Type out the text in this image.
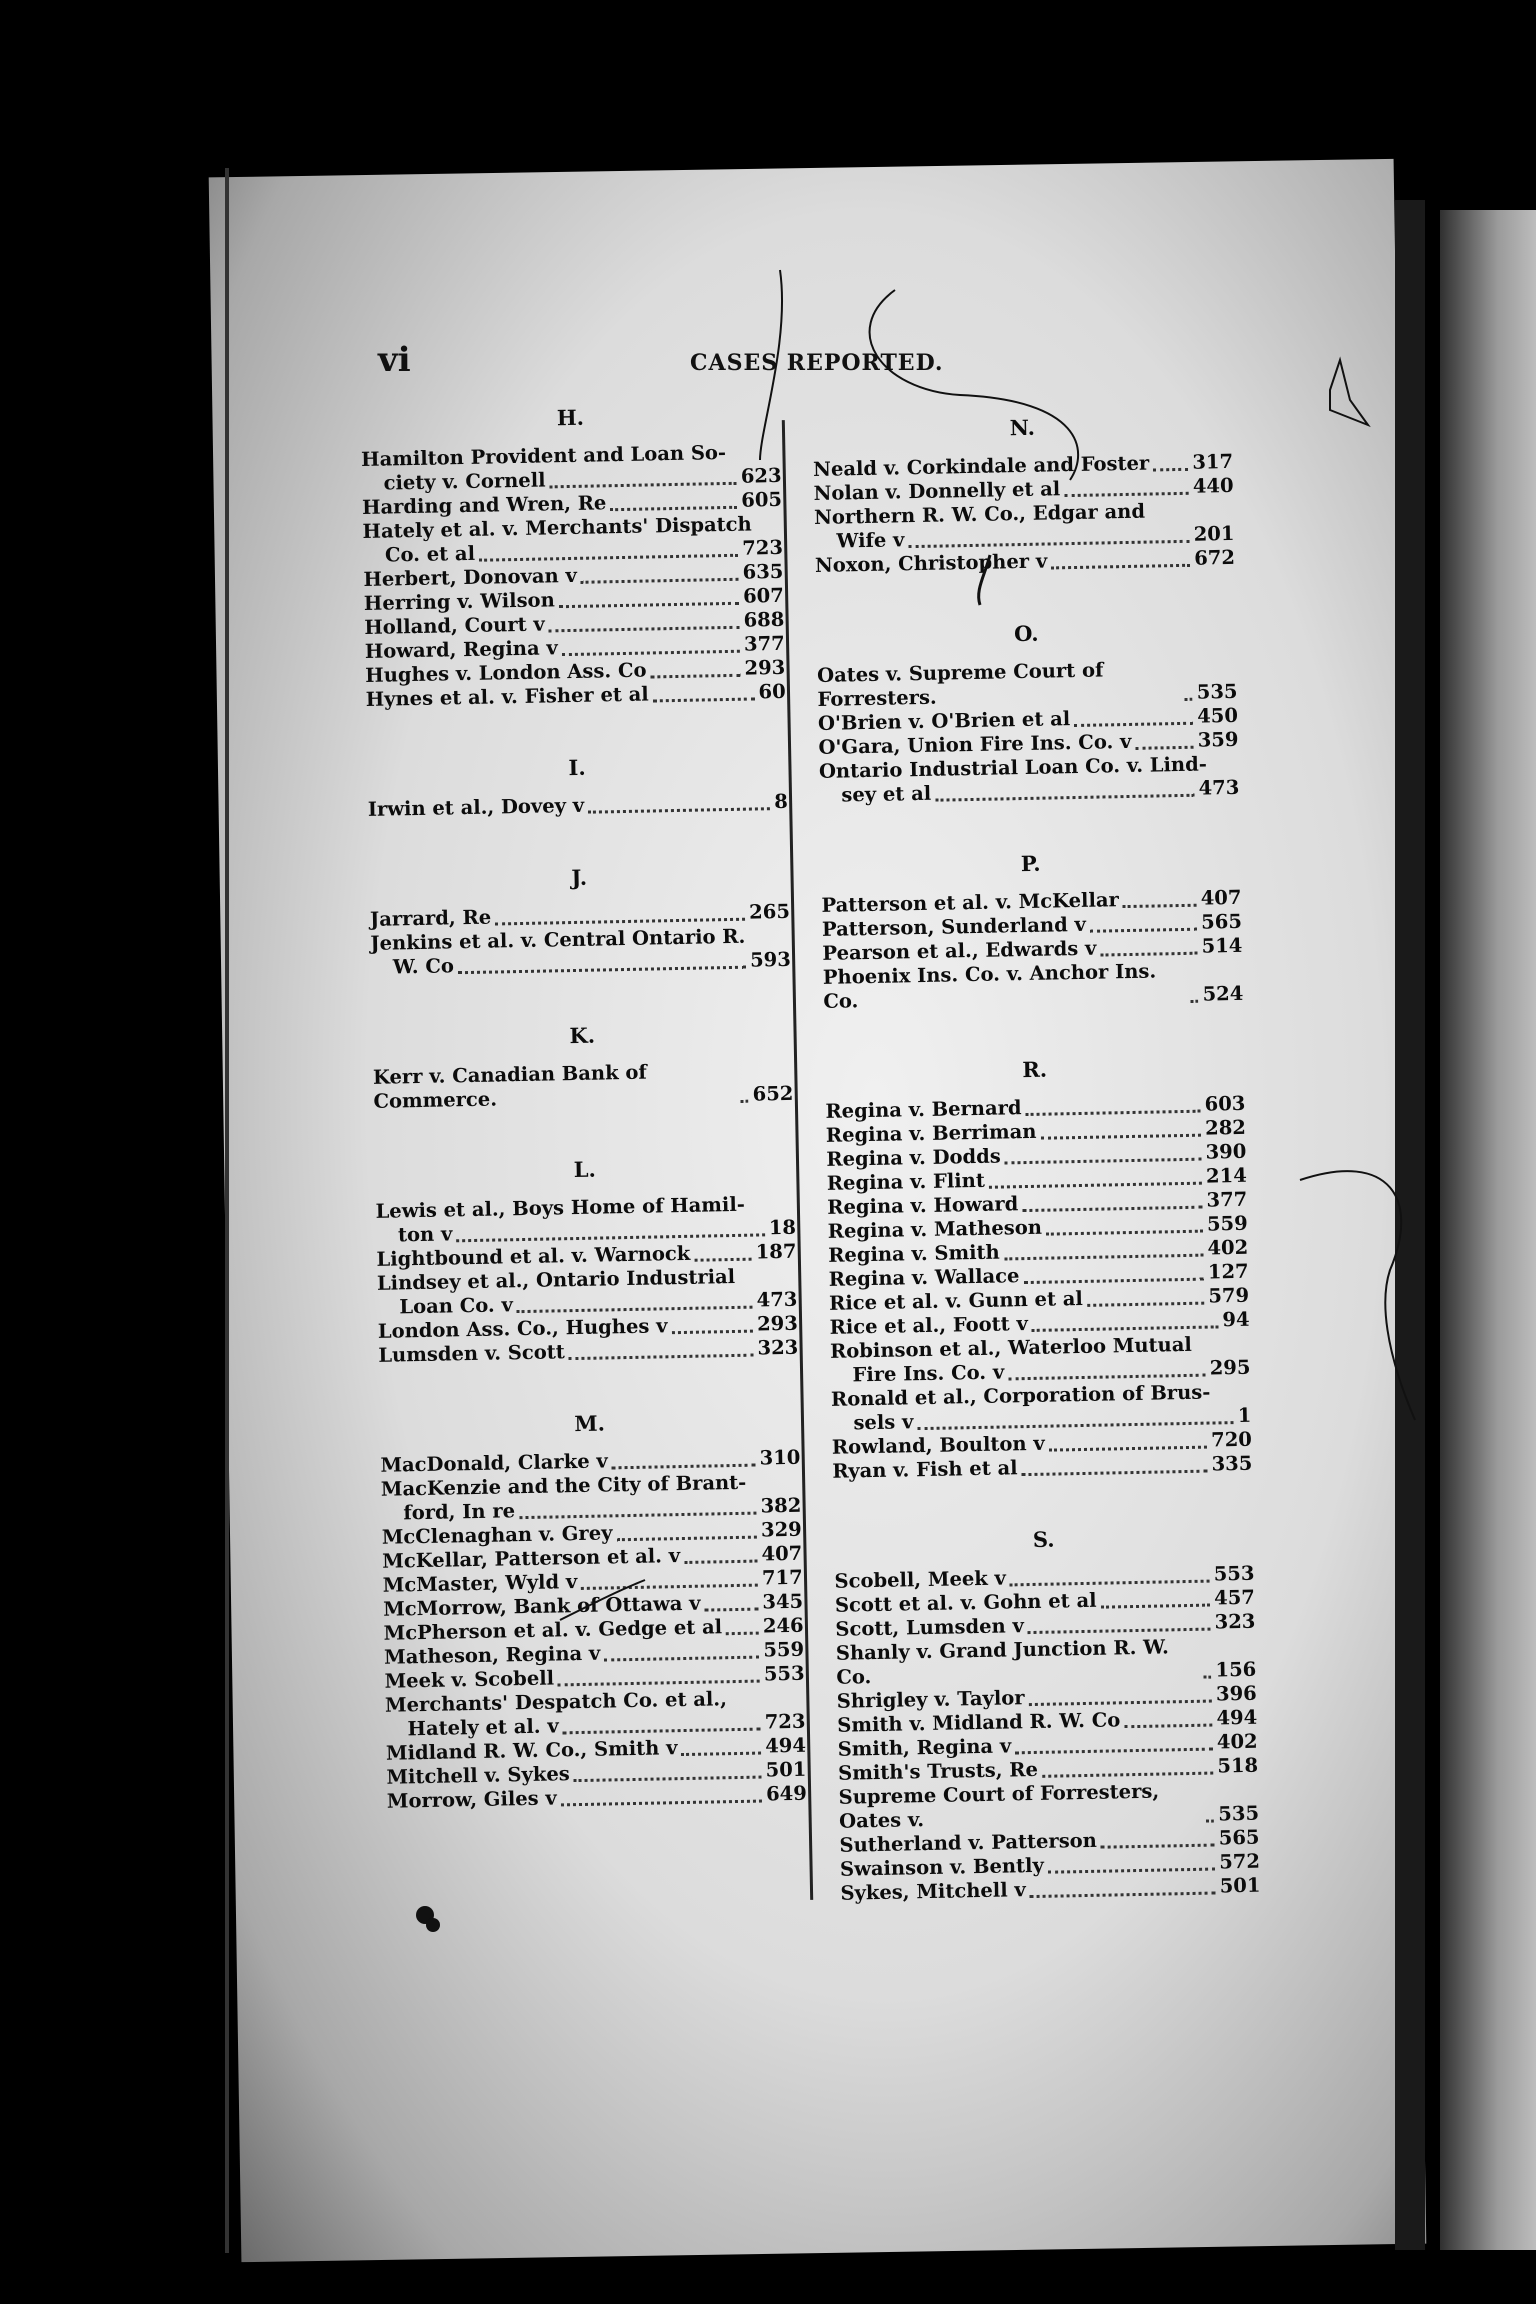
vi	CASES REPORTED.
H.
Hamilton Provident and Loan So-
ciety v. Cornell	623
Harding and Wren, Re	605
Hately et al. v. Merchants' Dispatch
Co. et al	723
Herbert, Donovan v	635
Herring v. Wilson	607
Holland, Court v	688
Howard, Regina v	377
Hughes v. London Ass. Co	293
Hynes et al. v. Fisher et al	60
I.
Irwin et al., Dovey v	8
J.
Jarrard, Re	265
Jenkins et al. v. Central Ontario R.
W. Co	593
K.
Kerr v. Canadian Bank of Commerce.	652
L.
Lewis et al., Boys Home of Hamil-
ton v	18
Lightbound et al. v. Warnock	187
Lindsey et al., Ontario Industrial
Loan Co. v	473
London Ass. Co., Hughes v	293
Lumsden v. Scott	323
M.
MacDonald, Clarke v	310
MacKenzie and the City of Brant-
ford, In re	382
McClenaghan v. Grey	329
McKellar, Patterson et al. v	407
McMaster, Wyld v	717
McMorrow, Bank of Ottawa v	345
McPherson et al. v. Gedge et al 246
Matheson, Regina v	559
Meek v. Scobell	553
Merchants' Despatch Co. et al.,
Hately et al. v	723
Midland R. W. Co., Smith v	494
Mitchell v. Sykes	501
Morrow, Giles v	649
N.
Neald v. Corkindale and Foster 317
Nolan v. Donnelly et al	440
Northern R. W. Co., Edgar and
Wife v	201
Noxon, Christopher v	672
O.
Oates v. Supreme Court of Forresters.	535
O'Brien v. O'Brien et al	450
O'Gara, Union Fire Ins. Co. v	359
Ontario Industrial Loan Co. v. Lind-
sey et al	473
P.
Patterson et al. v. McKellar	407
Patterson, Sunderland v	565
Pearson et al., Edwards v	514
Phoenix Ins. Co. v. Anchor Ins. Co.	524
R.
Regina v. Bernard	603
Regina v. Berriman	282
Regina v. Dodds	390
Regina v. Flint	214
Regina v. Howard	377
Regina v. Matheson	559
Regina v. Smith	402
Regina v. Wallace	127
Rice et al. v. Gunn et al	579
Rice et al., Foott v	94
Robinson et al., Waterloo Mutual
Fire Ins. Co. v	295
Ronald et al., Corporation of Brus-
sels v	1
Rowland, Boulton v	720
Ryan v. Fish et al	335
S.
Scobell, Meek v	553
Scott et al. v. Gohn et al	457
Scott, Lumsden v	323
Shanly v. Grand Junction R. W. Co.	156
Shrigley v. Taylor	396
Smith v. Midland R. W. Co	494
Smith, Regina v	402
Smith's Trusts, Re	518
Supreme Court of Forresters, Oates v.	535
Sutherland v. Patterson	565
Swainson v. Bently	572
Sykes, Mitchell v	501
